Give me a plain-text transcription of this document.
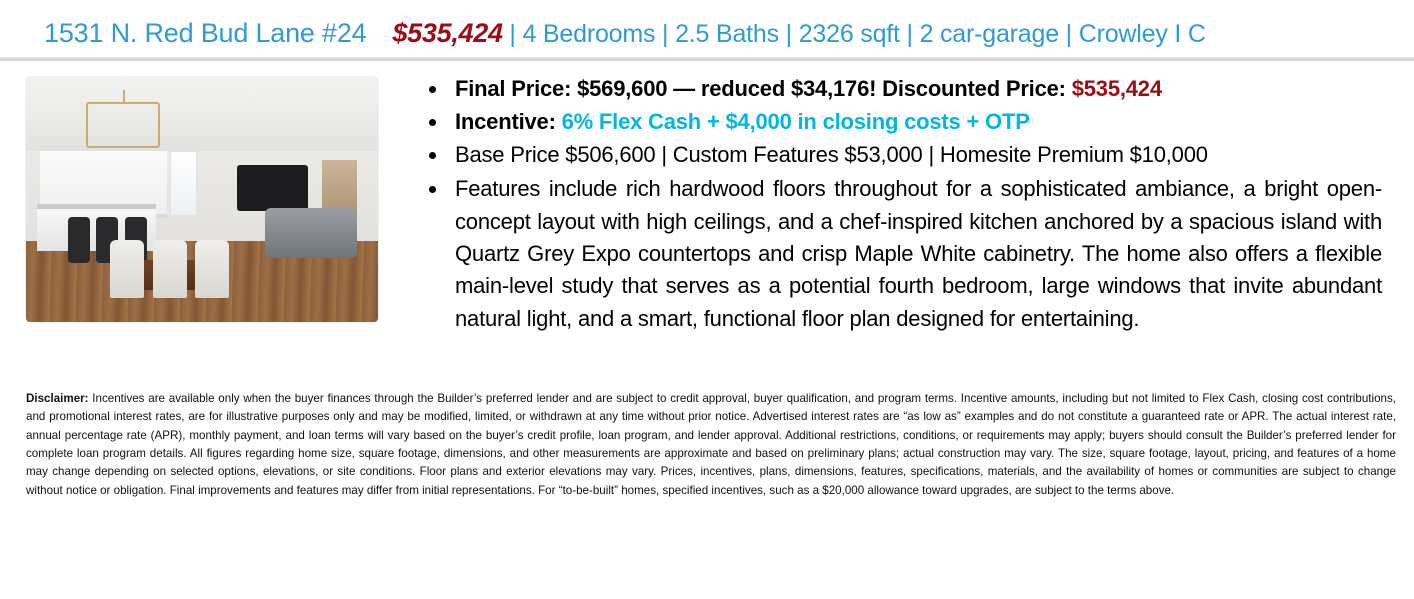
1531 N. Red Bud Lane #24 $535,424 | 4 Bedrooms | 2.5 Baths | 2326 sqft | 2 car-garage | Crowley I C
• Final Price: $569,600 — reduced $34,176! Discounted Price: $535,424
• Incentive: 6% Flex Cash + $4,000 in closing costs + OTP
• Base Price $506,600 | Custom Features $53,000 | Homesite Premium $10,000
• Features include rich hardwood floors throughout for a sophisticated ambiance, a bright open-concept layout with high ceilings, and a chef-inspired kitchen anchored by a spacious island with Quartz Grey Expo countertops and crisp Maple White cabinetry. The home also offers a flexible main-level study that serves as a potential fourth bedroom, large windows that invite abundant natural light, and a smart, functional floor plan designed for entertaining.
Disclaimer: Incentives are available only when the buyer finances through the Builder’s preferred lender and are subject to credit approval, buyer qualification, and program terms. Incentive amounts, including but not limited to Flex Cash, closing cost contributions, and promotional interest rates, are for illustrative purposes only and may be modified, limited, or withdrawn at any time without prior notice. Advertised interest rates are “as low as” examples and do not constitute a guaranteed rate or APR. The actual interest rate, annual percentage rate (APR), monthly payment, and loan terms will vary based on the buyer’s credit profile, loan program, and lender approval. Additional restrictions, conditions, or requirements may apply; buyers should consult the Builder’s preferred lender for complete loan program details. All figures regarding home size, square footage, dimensions, and other measurements are approximate and based on preliminary plans; actual construction may vary. The size, square footage, layout, pricing, and features of a home may change depending on selected options, elevations, or site conditions. Floor plans and exterior elevations may vary. Prices, incentives, plans, dimensions, features, specifications, materials, and the availability of homes or communities are subject to change without notice or obligation. Final improvements and features may differ from initial representations. For “to-be-built” homes, specified incentives, such as a $20,000 allowance toward upgrades, are subject to the terms above.
